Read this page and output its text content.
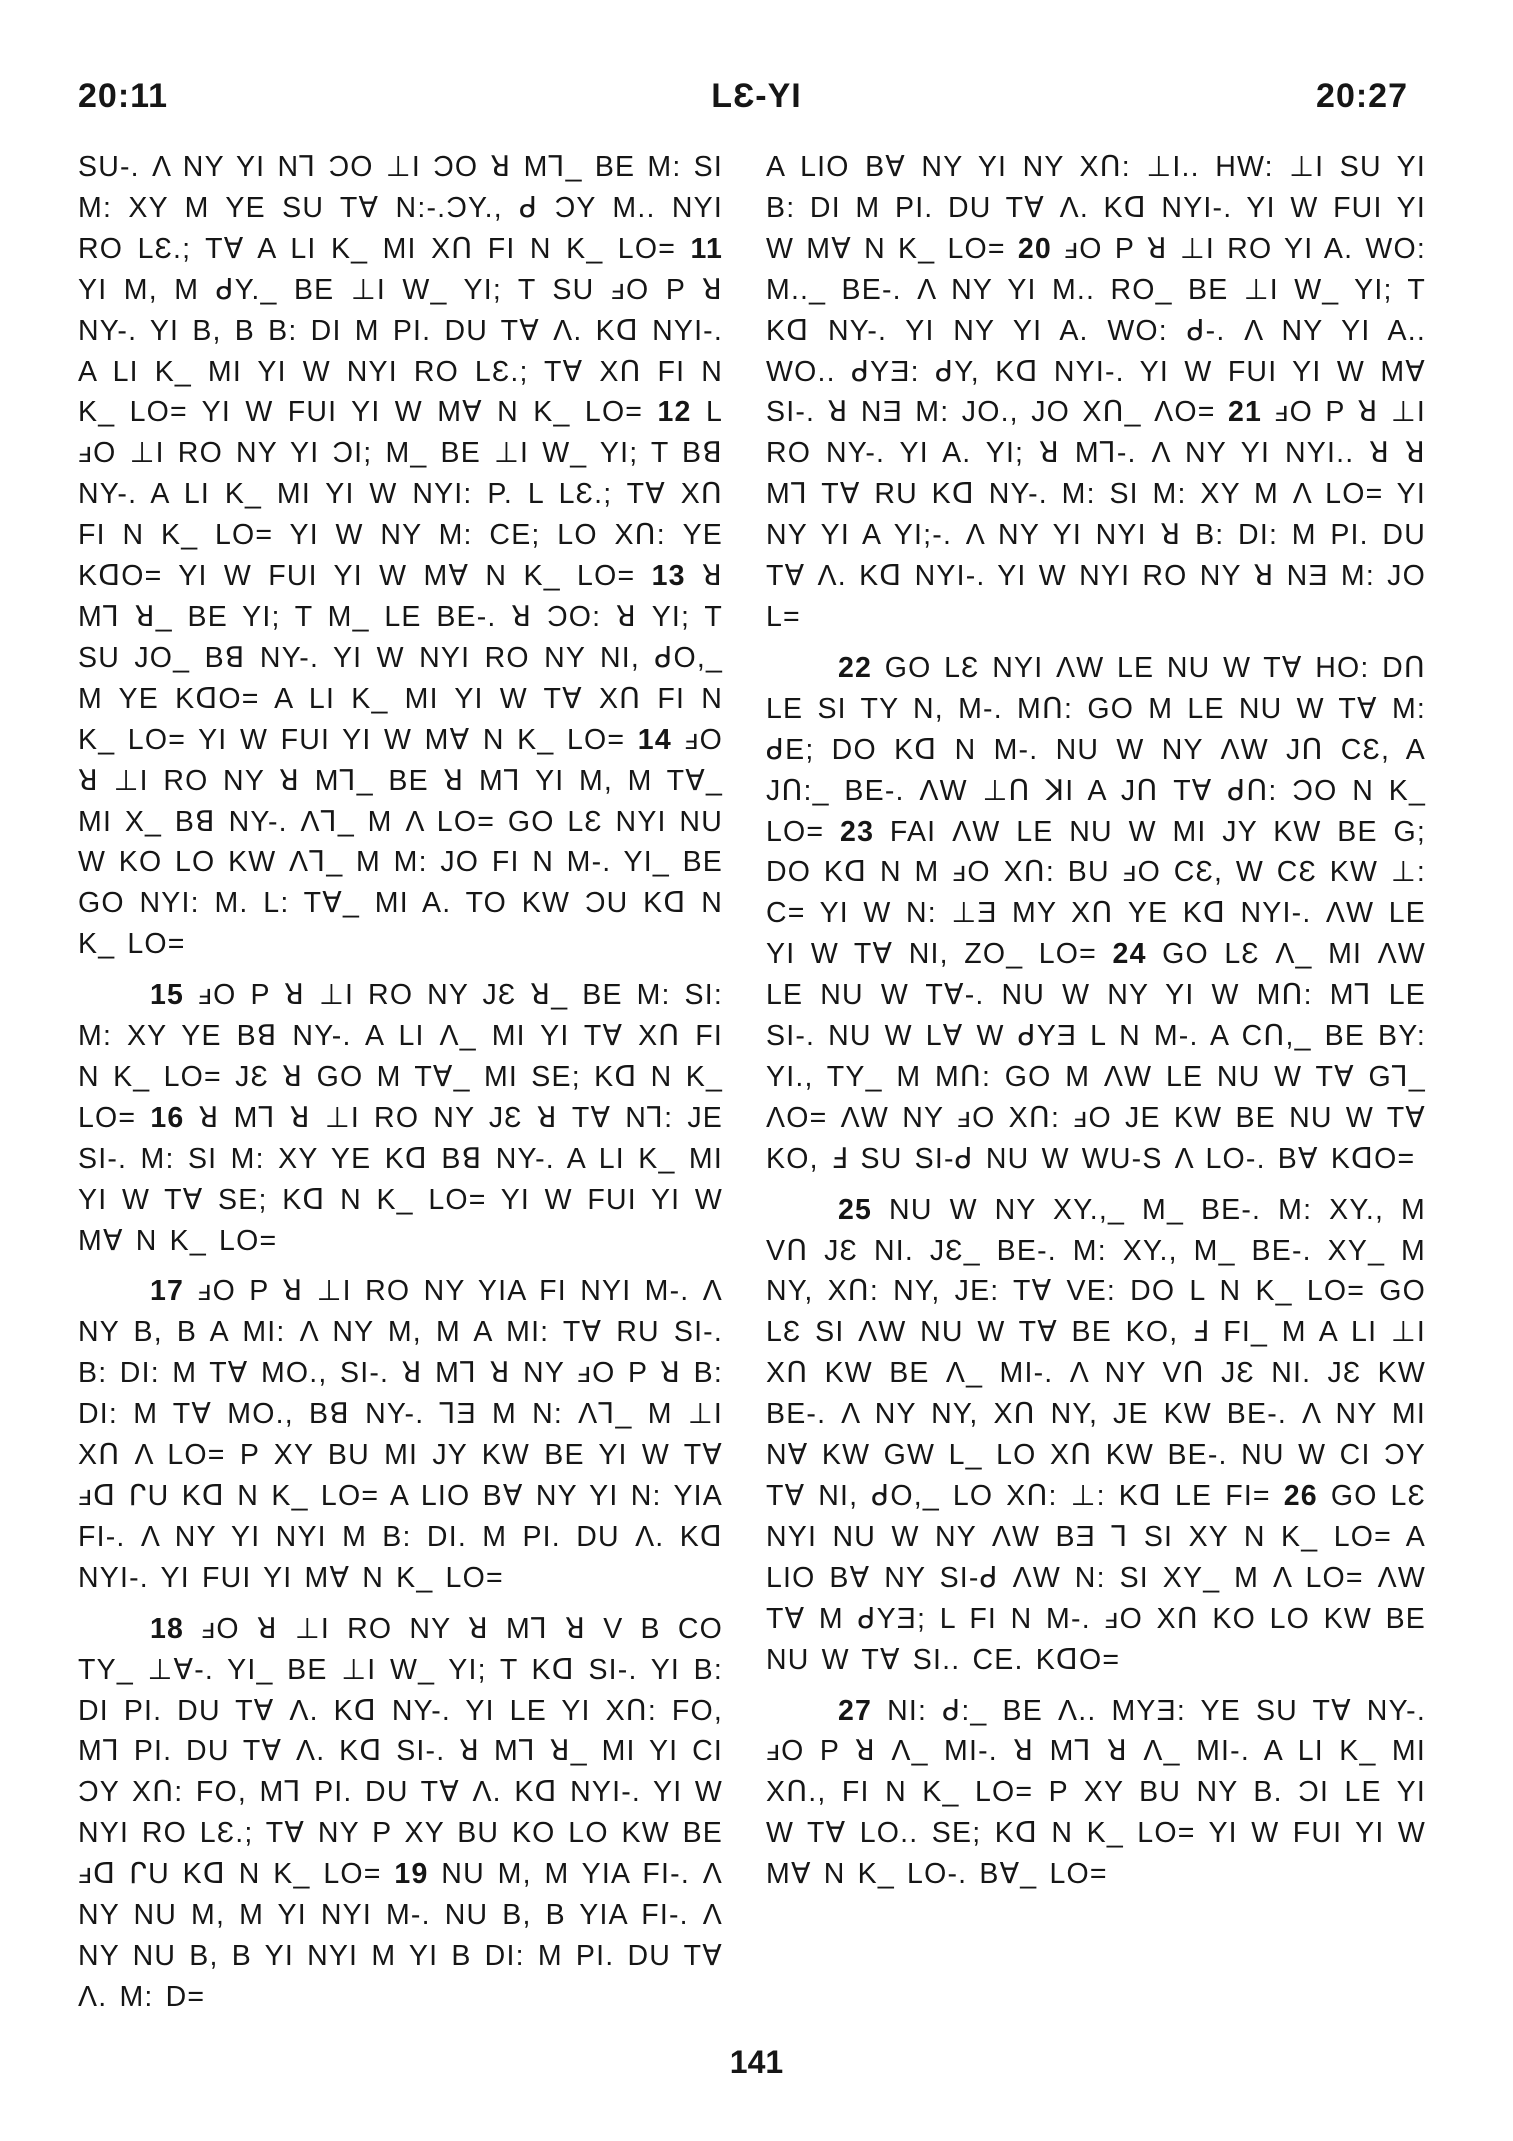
20:11	LƐ-YI	20:27

SU-. Λ NY YI N⅂ ƆO ⊥I ƆO ꓤ M⅂_ BE M: SI M: XY M YE SU TⱯ N:-.ƆY., ᑯ ƆY M.. NYI RO LƐ.; TⱯ A LI K_ MI XՈ FI N K_ LO= 11 YI M, M ᑯY._ BE ⊥I W_ YI; T SU ⅎO P ꓤ NY-. YI B, B B: DI M PI. DU TⱯ Λ. Kᗡ NYI-. A LI K_ MI YI W NYI RO LƐ.; TⱯ XՈ FI N K_ LO= YI W FUI YI W MⱯ N K_ LO= 12 L ⅎO ⊥I RO NY YI ƆI; M_ BE ⊥I W_ YI; T Bꓭ NY-. A LI K_ MI YI W NYI: P. L LƐ.; TⱯ XՈ FI N K_ LO= YI W NY M: CE; LO XՈ: YE KᗡO= YI W FUI YI W MⱯ N K_ LO= 13 ꓤ M⅂ ꓤ_ BE YI; T M_ LE BE-. ꓤ ƆO: ꓤ YI; T SU JO_ Bꓭ NY-. YI W NYI RO NY NI, ᑯO,_ M YE KᗡO= A LI K_ MI YI W TⱯ XՈ FI N K_ LO= YI W FUI YI W MⱯ N K_ LO= 14 ⅎO ꓤ ⊥I RO NY ꓤ M⅂_ BE ꓤ M⅂ YI M, M TⱯ_ MI X_ Bꓭ NY-. Λ⅂_ M Λ LO= GO LƐ NYI NU W KO LO KW Λ⅂_ M M: JO FI N M-. YI_ BE GO NYI: M. L: TⱯ_ MI A. TO KW ƆU Kᗡ N K_ LO=

15 ⅎO P ꓤ ⊥I RO NY JƐ ꓤ_ BE M: SI: M: XY YE Bꓭ NY-. A LI Λ_ MI YI TⱯ XՈ FI N K_ LO= JƐ ꓤ GO M TⱯ_ MI SE; Kᗡ N K_ LO= 16 ꓤ M⅂ ꓤ ⊥I RO NY JƐ ꓤ TⱯ N⅂: JE SI-. M: SI M: XY YE Kᗡ Bꓭ NY-. A LI K_ MI YI W TⱯ SE; Kᗡ N K_ LO= YI W FUI YI W MⱯ N K_ LO=

17 ⅎO P ꓤ ⊥I RO NY YIA FI NYI M-. Λ NY B, B A MI: Λ NY M, M A MI: TⱯ RU SI-. B: DI: M TⱯ MO., SI-. ꓤ M⅂ ꓤ NY ⅎO P ꓤ B: DI: M TⱯ MO., Bꓭ NY-. ⅂Ǝ M N: Λ⅂_ M ⊥I XՈ Λ LO= P XY BU MI JY KW BE YI W TⱯ ⅎᗡ ᒋU Kᗡ N K_ LO= A LIO BⱯ NY YI N: YIA FI-. Λ NY YI NYI M B: DI. M PI. DU Λ. Kᗡ NYI-. YI FUI YI MⱯ N K_ LO=

18 ⅎO ꓤ ⊥I RO NY ꓤ M⅂ ꓤ V B CO TY_ ⊥Ɐ-. YI_ BE ⊥I W_ YI; T Kᗡ SI-. YI B: DI PI. DU TⱯ Λ. Kᗡ NY-. YI LE YI XՈ: FO, M⅂ PI. DU TⱯ Λ. Kᗡ SI-. ꓤ M⅂ ꓤ_ MI YI CI ƆY XՈ: FO, M⅂ PI. DU TⱯ Λ. Kᗡ NYI-. YI W NYI RO LƐ.; TⱯ NY P XY BU KO LO KW BE ⅎᗡ ᒋU Kᗡ N K_ LO= 19 NU M, M YIA FI-. Λ NY NU M, M YI NYI M-. NU B, B YIA FI-. Λ NY NU B, B YI NYI M YI B DI: M PI. DU TⱯ Λ. M: D=

A LIO BⱯ NY YI NY XՈ: ⊥I.. HW: ⊥I SU YI B: DI M PI. DU TⱯ Λ. Kᗡ NYI-. YI W FUI YI W MⱯ N K_ LO= 20 ⅎO P ꓤ ⊥I RO YI A. WO: M.._ BE-. Λ NY YI M.. RO_ BE ⊥I W_ YI; T Kᗡ NY-. YI NY YI A. WO: ᑯ-. Λ NY YI A.. WO.. ᑯYƎ: ᑯY, Kᗡ NYI-. YI W FUI YI W MⱯ SI-. ꓤ NƎ M: JO., JO XՈ_ ΛO= 21 ⅎO P ꓤ ⊥I RO NY-. YI A. YI; ꓤ M⅂-. Λ NY YI NYI.. ꓤ ꓤ M⅂ TⱯ RU Kᗡ NY-. M: SI M: XY M Λ LO= YI NY YI A YI;-. Λ NY YI NYI ꓤ B: DI: M PI. DU TⱯ Λ. Kᗡ NYI-. YI W NYI RO NY ꓤ NƎ M: JO L=

22 GO LƐ NYI ΛW LE NU W TⱯ HO: DՈ LE SI TY N, M-. MՈ: GO M LE NU W TⱯ M: ᑯE; DO Kᗡ N M-. NU W NY ΛW JՈ CƐ, A JՈ:_ BE-. ΛW ⊥Ո ꓘI A JՈ TⱯ ᑯՈ: ƆO N K_ LO= 23 FAI ΛW LE NU W MI JY KW BE G; DO Kᗡ N M ⅎO XՈ: BU ⅎO CƐ, W CƐ KW ⊥: C= YI W N: ⊥Ǝ MY XՈ YE Kᗡ NYI-. ΛW LE YI W TⱯ NI, ZO_ LO= 24 GO LƐ Λ_ MI ΛW LE NU W TⱯ-. NU W NY YI W MՈ: M⅂ LE SI-. NU W LⱯ W ᑯYƎ L N M-. A CՈ,_ BE BY: YI., TY_ M MՈ: GO M ΛW LE NU W TⱯ G⅂_ ΛO= ΛW NY ⅎO XՈ: ⅎO JE KW BE NU W TⱯ KO, Ⅎ SU SI-ᑯ NU W WU-S Λ LO-. BⱯ KᗡO=

25 NU W NY XY.,_ M_ BE-. M: XY., M VՈ JƐ NI. JƐ_ BE-. M: XY., M_ BE-. XY_ M NY, XՈ: NY, JE: TⱯ VE: DO L N K_ LO= GO LƐ SI ΛW NU W TⱯ BE KO, Ⅎ FI_ M A LI ⊥I XՈ KW BE Λ_ MI-. Λ NY VՈ JƐ NI. JƐ KW BE-. Λ NY NY, XՈ NY, JE KW BE-. Λ NY MI NⱯ KW GW L_ LO XՈ KW BE-. NU W CI ƆY TⱯ NI, ᑯO,_ LO XՈ: ⊥: Kᗡ LE FI= 26 GO LƐ NYI NU W NY ΛW BƎ ⅂ SI XY N K_ LO= A LIO BⱯ NY SI-ᑯ ΛW N: SI XY_ M Λ LO= ΛW TⱯ M ᑯYƎ; L FI N M-. ⅎO XՈ KO LO KW BE NU W TⱯ SI.. CE. KᗡO=

27 NI: ᑯ:_ BE Λ.. MYƎ: YE SU TⱯ NY-. ⅎO P ꓤ Λ_ MI-. ꓤ M⅂ ꓤ Λ_ MI-. A LI K_ MI XՈ., FI N K_ LO= P XY BU NY B. ƆI LE YI W TⱯ LO.. SE; Kᗡ N K_ LO= YI W FUI YI W MⱯ N K_ LO-. BⱯ_ LO=

141
